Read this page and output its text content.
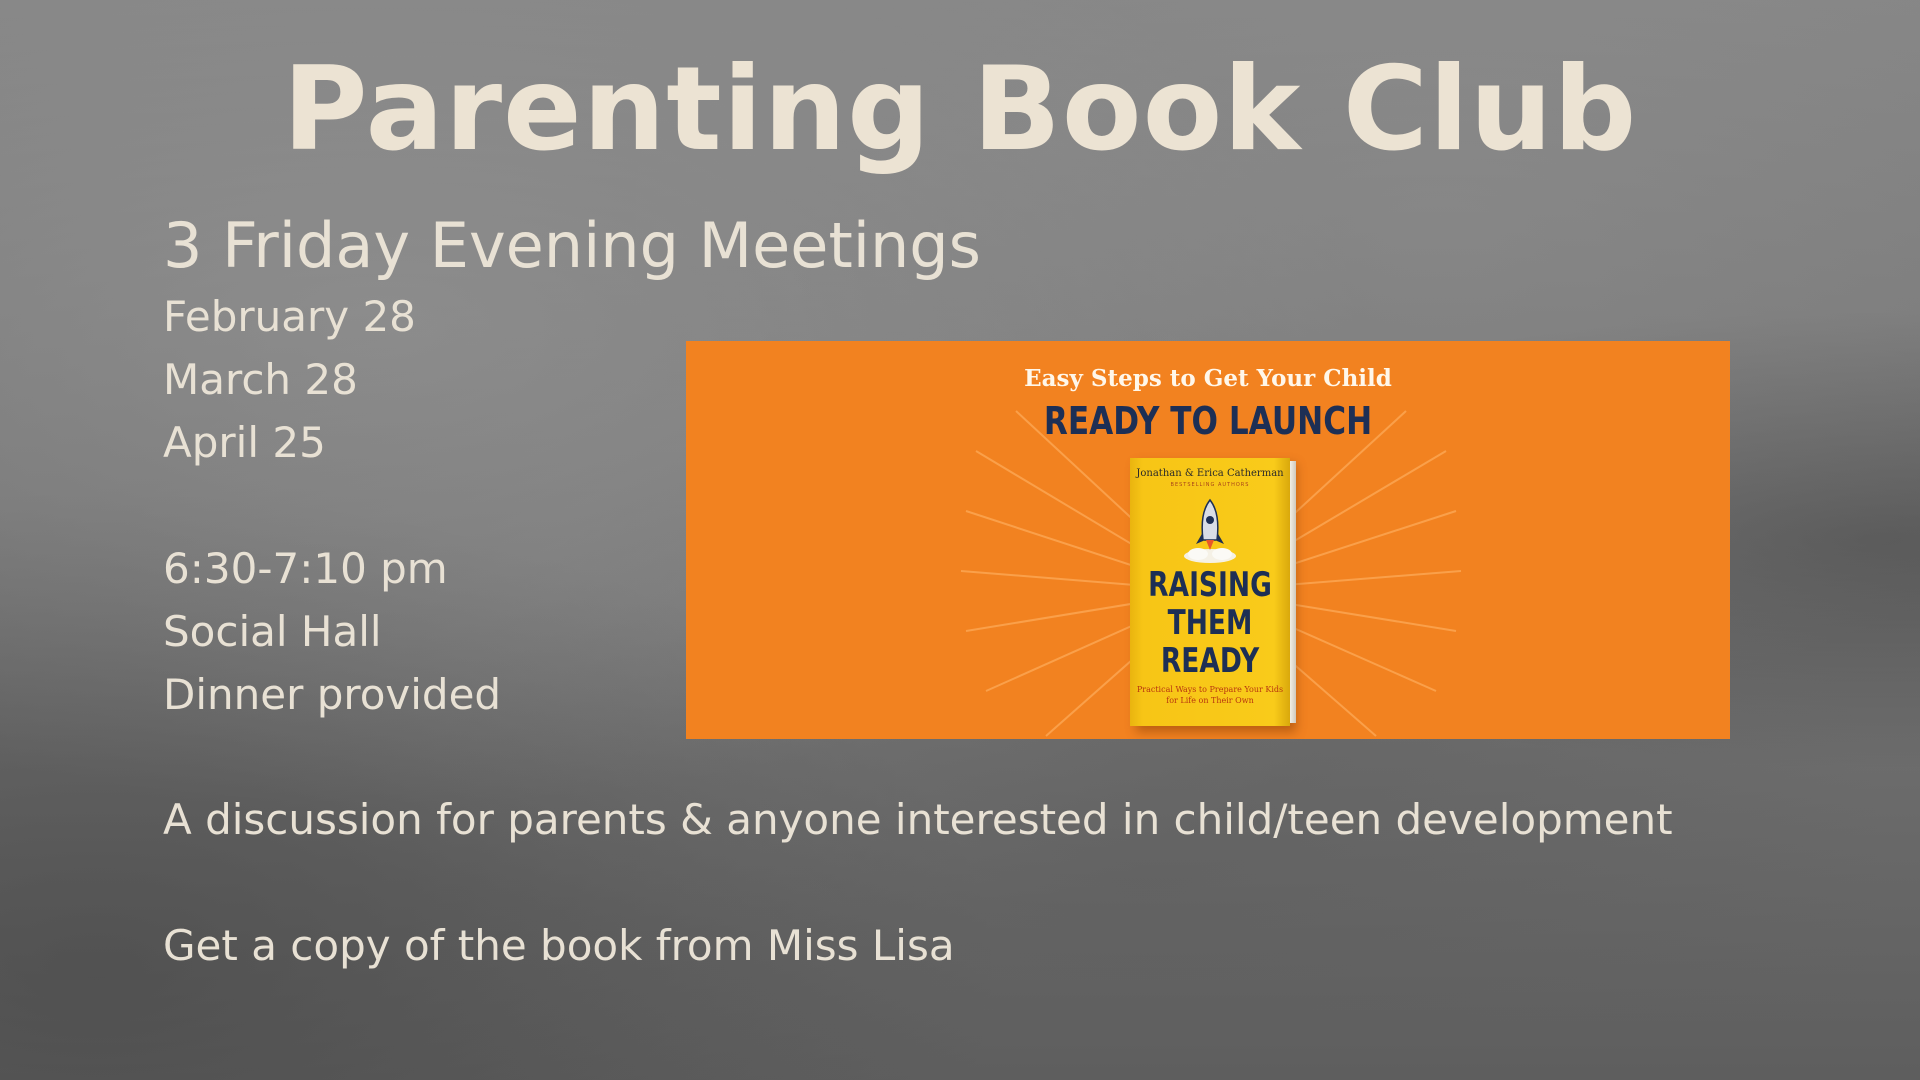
Parenting Book Club
3 Friday Evening Meetings
February 28
March 28
April 25
6:30-7:10 pm
Social Hall
Dinner provided
Easy Steps to Get Your Child
READY TO LAUNCH
Jonathan & Erica Catherman
BESTSELLING AUTHORS
RAISING
THEM
READY
Practical Ways to Prepare Your Kids
for Life on Their Own
A discussion for parents & anyone interested in child/teen development
Get a copy of the book from Miss Lisa
